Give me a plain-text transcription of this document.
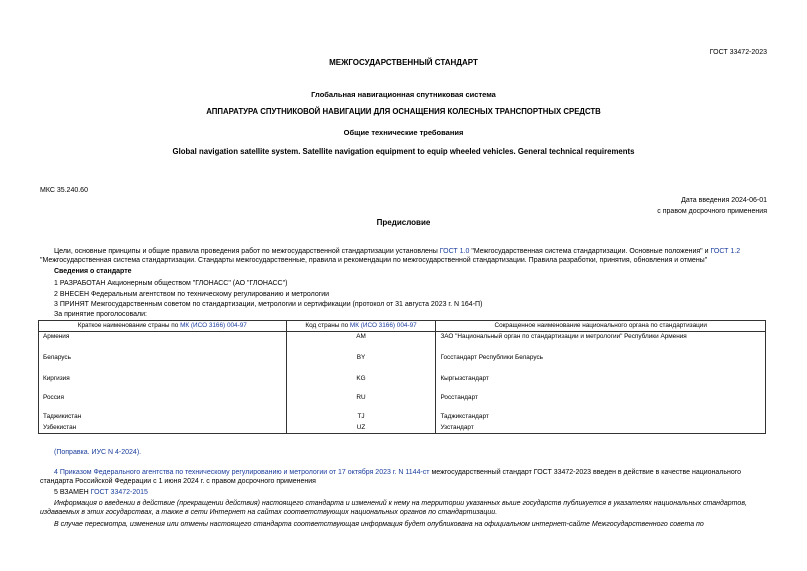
ГОСТ 33472-2023
МЕЖГОСУДАРСТВЕННЫЙ СТАНДАРТ
Глобальная навигационная спутниковая система
АППАРАТУРА СПУТНИКОВОЙ НАВИГАЦИИ ДЛЯ ОСНАЩЕНИЯ КОЛЕСНЫХ ТРАНСПОРТНЫХ СРЕДСТВ
Общие технические требования
Global navigation satellite system. Satellite navigation equipment to equip wheeled vehicles. General technical requirements
МКС 35.240.60
Дата введения 2024-06-01
с правом досрочного применения
Предисловие
Цели, основные принципы и общие правила проведения работ по межгосударственной стандартизации установлены ГОСТ 1.0 "Межгосударственная система стандартизации. Основные положения" и ГОСТ 1.2 "Межгосударственная система стандартизации. Стандарты межгосударственные, правила и рекомендации по межгосударственной стандартизации. Правила разработки, принятия, обновления и отмены"
Сведения о стандарте
1 РАЗРАБОТАН Акционерным обществом "ГЛОНАСС" (АО "ГЛОНАСС")
2 ВНЕСЕН Федеральным агентством по техническому регулированию и метрологии
3 ПРИНЯТ Межгосударственным советом по стандартизации, метрологии и сертификации (протокол от 31 августа 2023 г. N 164-П)
За принятие проголосовали:
Краткое наименование страны по МК (ИСО 3166) 004-97	Код страны по МК (ИСО 3166) 004-97	Сокращенное наименование национального органа по стандартизации
Армения	AM	ЗАО "Национальный орган по стандартизации и метрологии" Республики Армения
Беларусь	BY	Госстандарт Республики Беларусь
Киргизия	KG	Кыргызстандарт
Россия	RU	Росстандарт
Таджикистан	TJ	Таджикстандарт
Узбекистан	UZ	Узстандарт
(Поправка. ИУС N 4-2024).
4 Приказом Федерального агентства по техническому регулированию и метрологии от 17 октября 2023 г. N 1144-ст межгосударственный стандарт ГОСТ 33472-2023 введен в действие в качестве национального стандарта Российской Федерации с 1 июня 2024 г. с правом досрочного применения
5 ВЗАМЕН ГОСТ 33472-2015
Информация о введении в действие (прекращении действия) настоящего стандарта и изменений к нему на территории указанных выше государств публикуется в указателях национальных стандартов, издаваемых в этих государствах, а также в сети Интернет на сайтах соответствующих национальных органов по стандартизации.
В случае пересмотра, изменения или отмены настоящего стандарта соответствующая информация будет опубликована на официальном интернет-сайте Межгосударственного совета по
